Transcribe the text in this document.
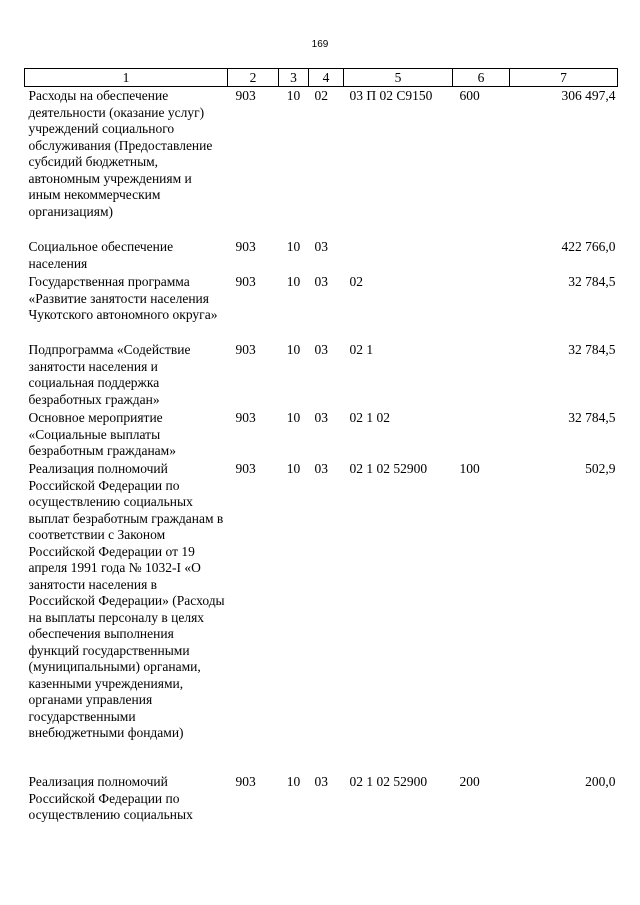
169
1	2	3	4	5	6	7
Расходы на обеспечение деятельности (оказание услуг) учреждений социального обслуживания (Предоставление субсидий бюджетным, автономным учреждениям и иным некоммерческим организациям)	903	10	02	03 П 02 С9150	600	306 497,4
Социальное обеспечение населения	903	10	03			422 766,0
Государственная программа «Развитие занятости населения Чукотского автономного округа»	903	10	03	02		32 784,5
Подпрограмма «Содействие занятости населения и социальная поддержка безработных граждан»	903	10	03	02 1		32 784,5
Основное мероприятие «Социальные выплаты безработным гражданам»	903	10	03	02 1 02		32 784,5
Реализация полномочий Российской Федерации по осуществлению социальных выплат безработным гражданам в соответствии с Законом Российской Федерации от 19 апреля 1991 года № 1032-I «О занятости населения в Российской Федерации» (Расходы на выплаты персоналу в целях обеспечения выполнения функций государственными (муниципальными) органами, казенными учреждениями, органами управления государственными внебюджетными фондами)	903	10	03	02 1 02 52900	100	502,9
Реализация полномочий Российской Федерации по осуществлению социальных	903	10	03	02 1 02 52900	200	200,0
